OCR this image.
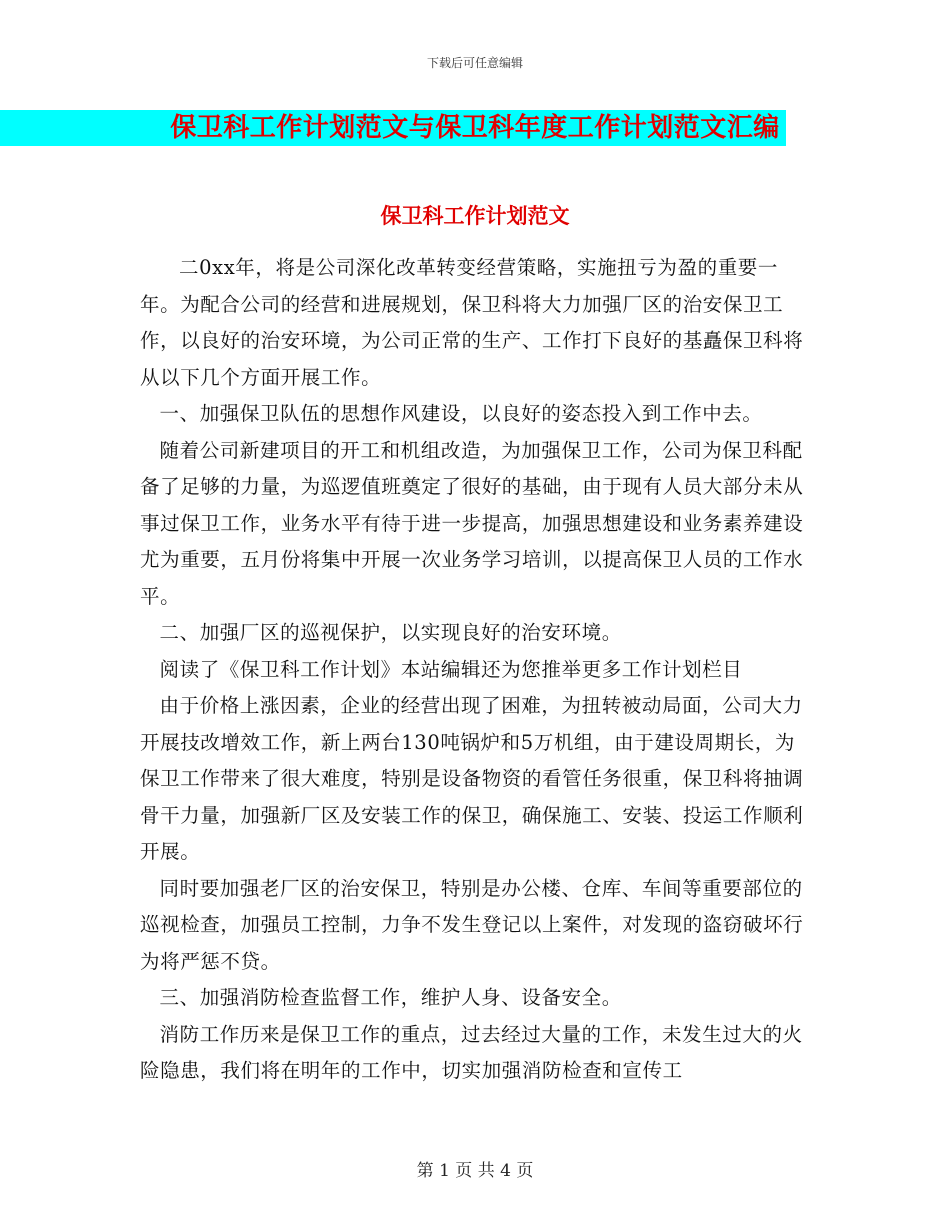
下载后可任意编辑
保卫科工作计划范文与保卫科年度工作计划范文汇编
保卫科工作计划范文

二0xx年，将是公司深化改革转变经营策略，实施扭亏为盈的重要一年。为配合公司的经营和进展规划，保卫科将大力加强厂区的治安保卫工作，以良好的治安环境，为公司正常的生产、工作打下良好的基矗保卫科将从以下几个方面开展工作。

一、加强保卫队伍的思想作风建设，以良好的姿态投入到工作中去。

随着公司新建项目的开工和机组改造，为加强保卫工作，公司为保卫科配备了足够的力量，为巡逻值班奠定了很好的基础，由于现有人员大部分未从事过保卫工作，业务水平有待于进一步提高，加强思想建设和业务素养建设尤为重要，五月份将集中开展一次业务学习培训，以提高保卫人员的工作水平。

二、加强厂区的巡视保护，以实现良好的治安环境。

阅读了《保卫科工作计划》本站编辑还为您推举更多工作计划栏目

由于价格上涨因素，企业的经营出现了困难，为扭转被动局面，公司大力开展技改增效工作，新上两台130吨锅炉和5万机组，由于建设周期长，为保卫工作带来了很大难度，特别是设备物资的看管任务很重，保卫科将抽调骨干力量，加强新厂区及安装工作的保卫，确保施工、安装、投运工作顺利开展。

同时要加强老厂区的治安保卫，特别是办公楼、仓库、车间等重要部位的巡视检查，加强员工控制，力争不发生登记以上案件，对发现的盗窃破坏行为将严惩不贷。

三、加强消防检查监督工作，维护人身、设备安全。

消防工作历来是保卫工作的重点，过去经过大量的工作，未发生过大的火险隐患，我们将在明年的工作中，切实加强消防检查和宣传工

第 1 页 共 4 页
